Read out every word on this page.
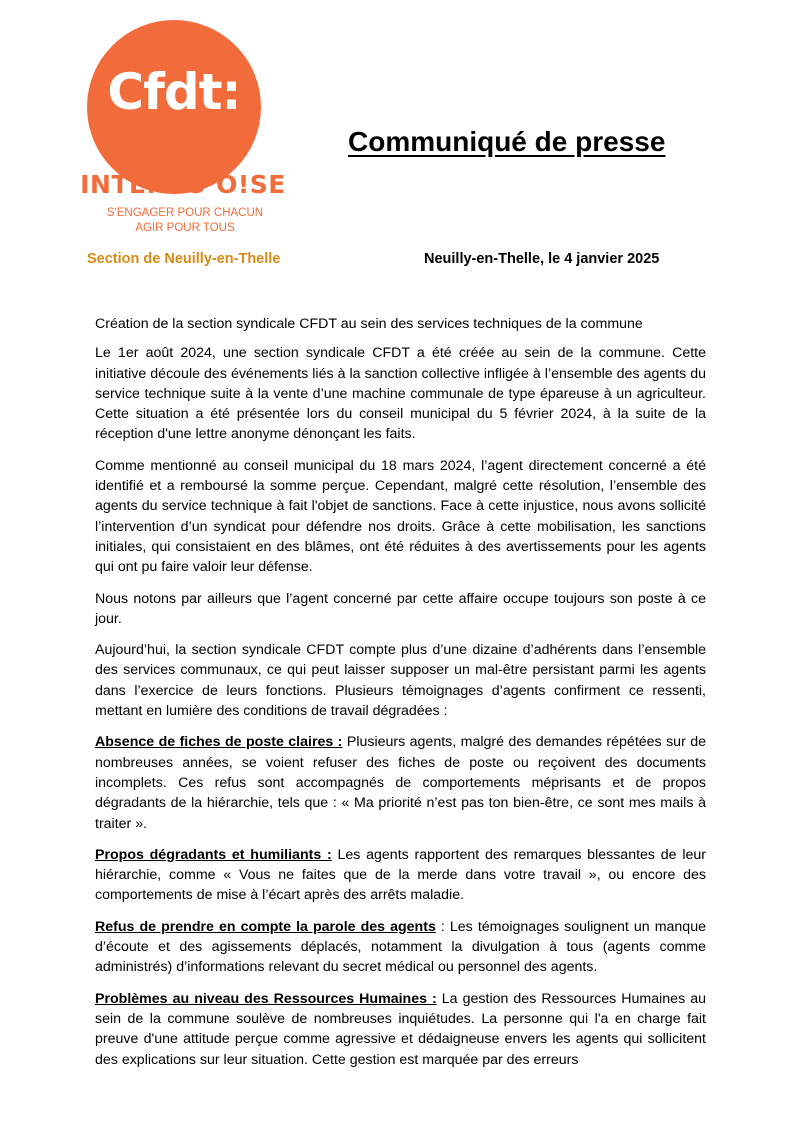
Cfdt:
INTERCO O!SE
S'ENGAGER POUR CHACUN
AGIR POUR TOUS
Communiqué de presse
Section de Neuilly-en-Thelle	Neuilly-en-Thelle, le 4 janvier 2025

Création de la section syndicale CFDT au sein des services techniques de la commune

Le 1er août 2024, une section syndicale CFDT a été créée au sein de la commune. Cette initiative découle des événements liés à la sanction collective infligée à l’ensemble des agents du service technique suite à la vente d’une machine communale de type épareuse à un agriculteur. Cette situation a été présentée lors du conseil municipal du 5 février 2024, à la suite de la réception d'une lettre anonyme dénonçant les faits.

Comme mentionné au conseil municipal du 18 mars 2024, l’agent directement concerné a été identifié et a remboursé la somme perçue. Cependant, malgré cette résolution, l’ensemble des agents du service technique à fait l'objet de sanctions. Face à cette injustice, nous avons sollicité l’intervention d’un syndicat pour défendre nos droits. Grâce à cette mobilisation, les sanctions initiales, qui consistaient en des blâmes, ont été réduites à des avertissements pour les agents qui ont pu faire valoir leur défense.

Nous notons par ailleurs que l’agent concerné par cette affaire occupe toujours son poste à ce jour.

Aujourd’hui, la section syndicale CFDT compte plus d’une dizaine d’adhérents dans l’ensemble des services communaux, ce qui peut laisser supposer un mal-être persistant parmi les agents dans l’exercice de leurs fonctions. Plusieurs témoignages d’agents confirment ce ressenti, mettant en lumière des conditions de travail dégradées :

Absence de fiches de poste claires : Plusieurs agents, malgré des demandes répétées sur de nombreuses années, se voient refuser des fiches de poste ou reçoivent des documents incomplets. Ces refus sont accompagnés de comportements méprisants et de propos dégradants de la hiérarchie, tels que : « Ma priorité n’est pas ton bien-être, ce sont mes mails à traiter ».

Propos dégradants et humiliants : Les agents rapportent des remarques blessantes de leur hiérarchie, comme « Vous ne faites que de la merde dans votre travail », ou encore des comportements de mise à l’écart après des arrêts maladie.

Refus de prendre en compte la parole des agents : Les témoignages soulignent un manque d’écoute et des agissements déplacés, notamment la divulgation à tous (agents comme administrés) d’informations relevant du secret médical ou personnel des agents.

Problèmes au niveau des Ressources Humaines : La gestion des Ressources Humaines au sein de la commune soulève de nombreuses inquiétudes. La personne qui l'a en charge fait preuve d'une attitude perçue comme agressive et dédaigneuse envers les agents qui sollicitent des explications sur leur situation. Cette gestion est marquée par des erreurs
